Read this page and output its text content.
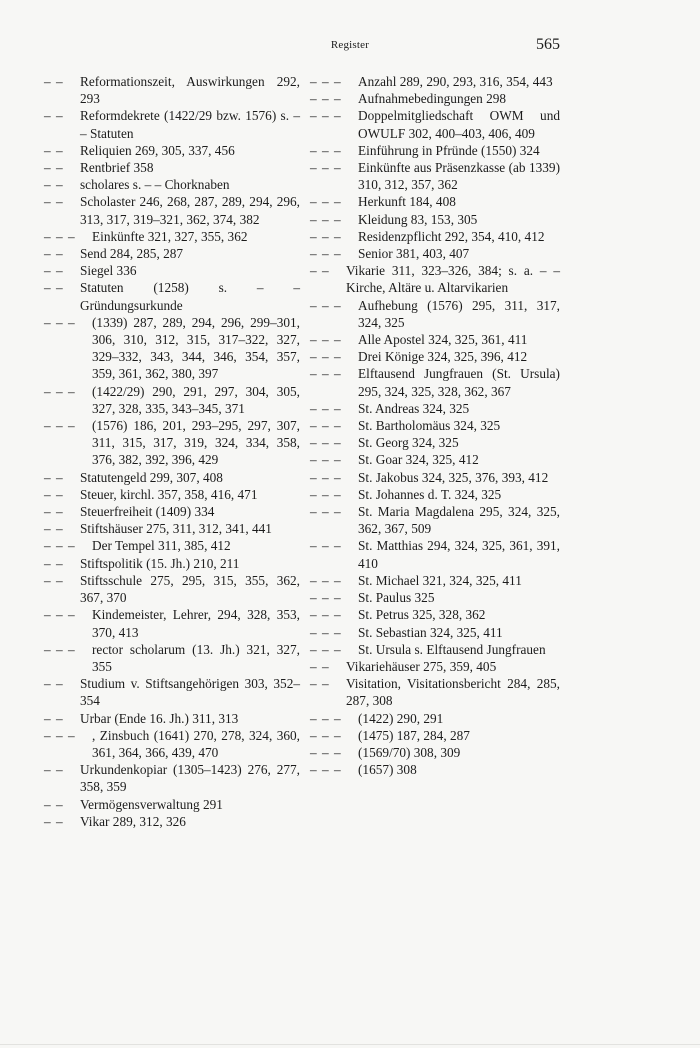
Register	565
– –	Reformationszeit, Auswirkungen 292, 293
– –	Reformdekrete (1422/29 bzw. 1576) s. – – Statuten
– –	Reliquien 269, 305, 337, 456
– –	Rentbrief 358
– –	scholares s. – – Chorknaben
– –	Scholaster 246, 268, 287, 289, 294, 296, 313, 317, 319–321, 362, 374, 382
– – –	Einkünfte 321, 327, 355, 362
– –	Send 284, 285, 287
– –	Siegel 336
– –	Statuten (1258) s. – – Gründungsurkunde
– – –	(1339) 287, 289, 294, 296, 299–301, 306, 310, 312, 315, 317–322, 327, 329–332, 343, 344, 346, 354, 357, 359, 361, 362, 380, 397
– – –	(1422/29) 290, 291, 297, 304, 305, 327, 328, 335, 343–345, 371
– – –	(1576) 186, 201, 293–295, 297, 307, 311, 315, 317, 319, 324, 334, 358, 376, 382, 392, 396, 429
– –	Statutengeld 299, 307, 408
– –	Steuer, kirchl. 357, 358, 416, 471
– –	Steuerfreiheit (1409) 334
– –	Stiftshäuser 275, 311, 312, 341, 441
– – –	Der Tempel 311, 385, 412
– –	Stiftspolitik (15. Jh.) 210, 211
– –	Stiftsschule 275, 295, 315, 355, 362, 367, 370
– – –	Kindemeister, Lehrer, 294, 328, 353, 370, 413
– – –	rector scholarum (13. Jh.) 321, 327, 355
– –	Studium v. Stiftsangehörigen 303, 352–354
– –	Urbar (Ende 16. Jh.) 311, 313
– – –	, Zinsbuch (1641) 270, 278, 324, 360, 361, 364, 366, 439, 470
– –	Urkundenkopiar (1305–1423) 276, 277, 358, 359
– –	Vermögensverwaltung 291
– –	Vikar 289, 312, 326
– – –	Anzahl 289, 290, 293, 316, 354, 443
– – –	Aufnahmebedingungen 298
– – –	Doppelmitgliedschaft OWM und OWULF 302, 400–403, 406, 409
– – –	Einführung in Pfründe (1550) 324
– – –	Einkünfte aus Präsenzkasse (ab 1339) 310, 312, 357, 362
– – –	Herkunft 184, 408
– – –	Kleidung 83, 153, 305
– – –	Residenzpflicht 292, 354, 410, 412
– – –	Senior 381, 403, 407
– –	Vikarie 311, 323–326, 384; s. a. – – Kirche, Altäre u. Altarvikarien
– – –	Aufhebung (1576) 295, 311, 317, 324, 325
– – –	Alle Apostel 324, 325, 361, 411
– – –	Drei Könige 324, 325, 396, 412
– – –	Elftausend Jungfrauen (St. Ursula) 295, 324, 325, 328, 362, 367
– – –	St. Andreas 324, 325
– – –	St. Bartholomäus 324, 325
– – –	St. Georg 324, 325
– – –	St. Goar 324, 325, 412
– – –	St. Jakobus 324, 325, 376, 393, 412
– – –	St. Johannes d. T. 324, 325
– – –	St. Maria Magdalena 295, 324, 325, 362, 367, 509
– – –	St. Matthias 294, 324, 325, 361, 391, 410
– – –	St. Michael 321, 324, 325, 411
– – –	St. Paulus 325
– – –	St. Petrus 325, 328, 362
– – –	St. Sebastian 324, 325, 411
– – –	St. Ursula s. Elftausend Jungfrauen
– –	Vikariehäuser 275, 359, 405
– –	Visitation, Visitationsbericht 284, 285, 287, 308
– – –	(1422) 290, 291
– – –	(1475) 187, 284, 287
– – –	(1569/70) 308, 309
– – –	(1657) 308
